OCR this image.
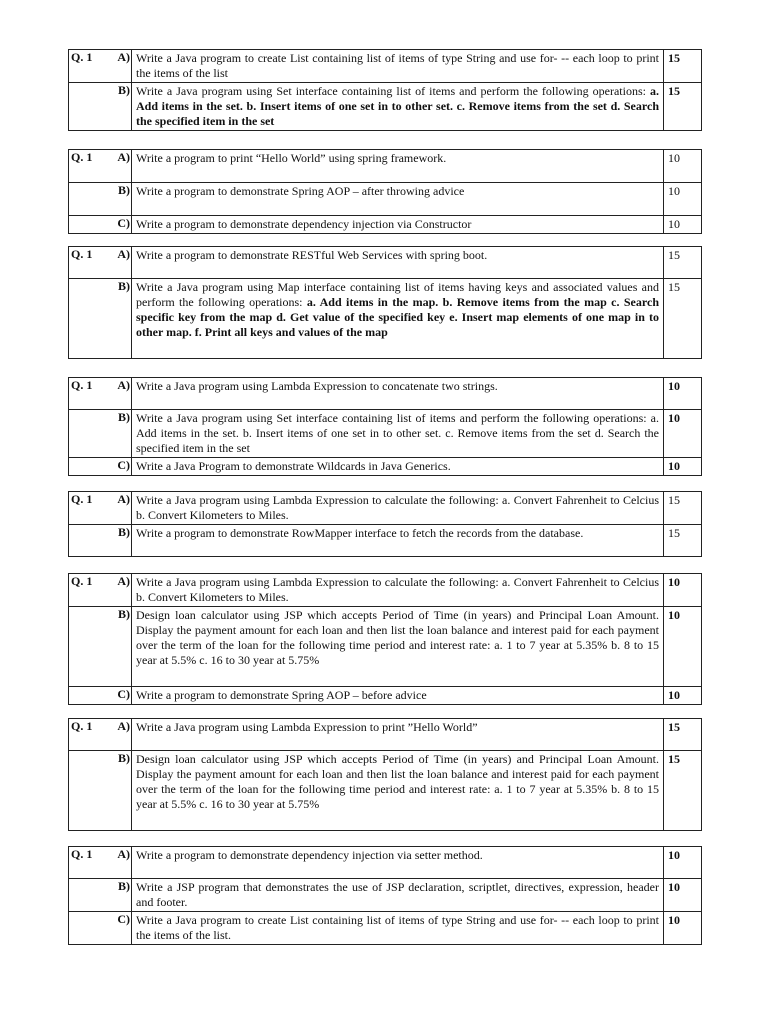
Q. 1 A)	Write a Java program to create List containing list of items of type String and use for- -- each loop to print the items of the list	15

B)	Write a Java program using Set interface containing list of items and perform the following operations: a. Add items in the set. b. Insert items of one set in to other set. c. Remove items from the set d. Search the specified item in the set	15
Q. 1 A)	Write a program to print “Hello World” using spring framework.	10

B)	Write a program to demonstrate Spring AOP – after throwing advice	10

C)	Write a program to demonstrate dependency injection via Constructor	10
Q. 1 A)	Write a program to demonstrate RESTful Web Services with spring boot.	15

B)	Write a Java program using Map interface containing list of items having keys and associated values and perform the following operations: a. Add items in the map. b. Remove items from the map c. Search specific key from the map d. Get value of the specified key e. Insert map elements of one map in to other map. f. Print all keys and values of the map	15
Q. 1 A)	Write a Java program using Lambda Expression to concatenate two strings.	10

B)	Write a Java program using Set interface containing list of items and perform the following operations: a. Add items in the set. b. Insert items of one set in to other set. c. Remove items from the set d. Search the specified item in the set	10

C)	Write a Java Program to demonstrate Wildcards in Java Generics.	10
Q. 1 A)	Write a Java program using Lambda Expression to calculate the following: a. Convert Fahrenheit to Celcius b. Convert Kilometers to Miles.	15

B)	Write a program to demonstrate RowMapper interface to fetch the records from the database.	15
Q. 1 A)	Write a Java program using Lambda Expression to calculate the following: a. Convert Fahrenheit to Celcius b. Convert Kilometers to Miles.	10

B)	Design loan calculator using JSP which accepts Period of Time (in years) and Principal Loan Amount. Display the payment amount for each loan and then list the loan balance and interest paid for each payment over the term of the loan for the following time period and interest rate: a. 1 to 7 year at 5.35% b. 8 to 15 year at 5.5% c. 16 to 30 year at 5.75%	10

C)	Write a program to demonstrate Spring AOP – before advice	10
Q. 1 A)	Write a Java program using Lambda Expression to print ”Hello World”	15

B)	Design loan calculator using JSP which accepts Period of Time (in years) and Principal Loan Amount. Display the payment amount for each loan and then list the loan balance and interest paid for each payment over the term of the loan for the following time period and interest rate: a. 1 to 7 year at 5.35% b. 8 to 15 year at 5.5% c. 16 to 30 year at 5.75%	15
Q. 1 A)	Write a program to demonstrate dependency injection via setter method.	10

B)	Write a JSP program that demonstrates the use of JSP declaration, scriptlet, directives, expression, header and footer.	10

C)	Write a Java program to create List containing list of items of type String and use for- -- each loop to print the items of the list.	10
